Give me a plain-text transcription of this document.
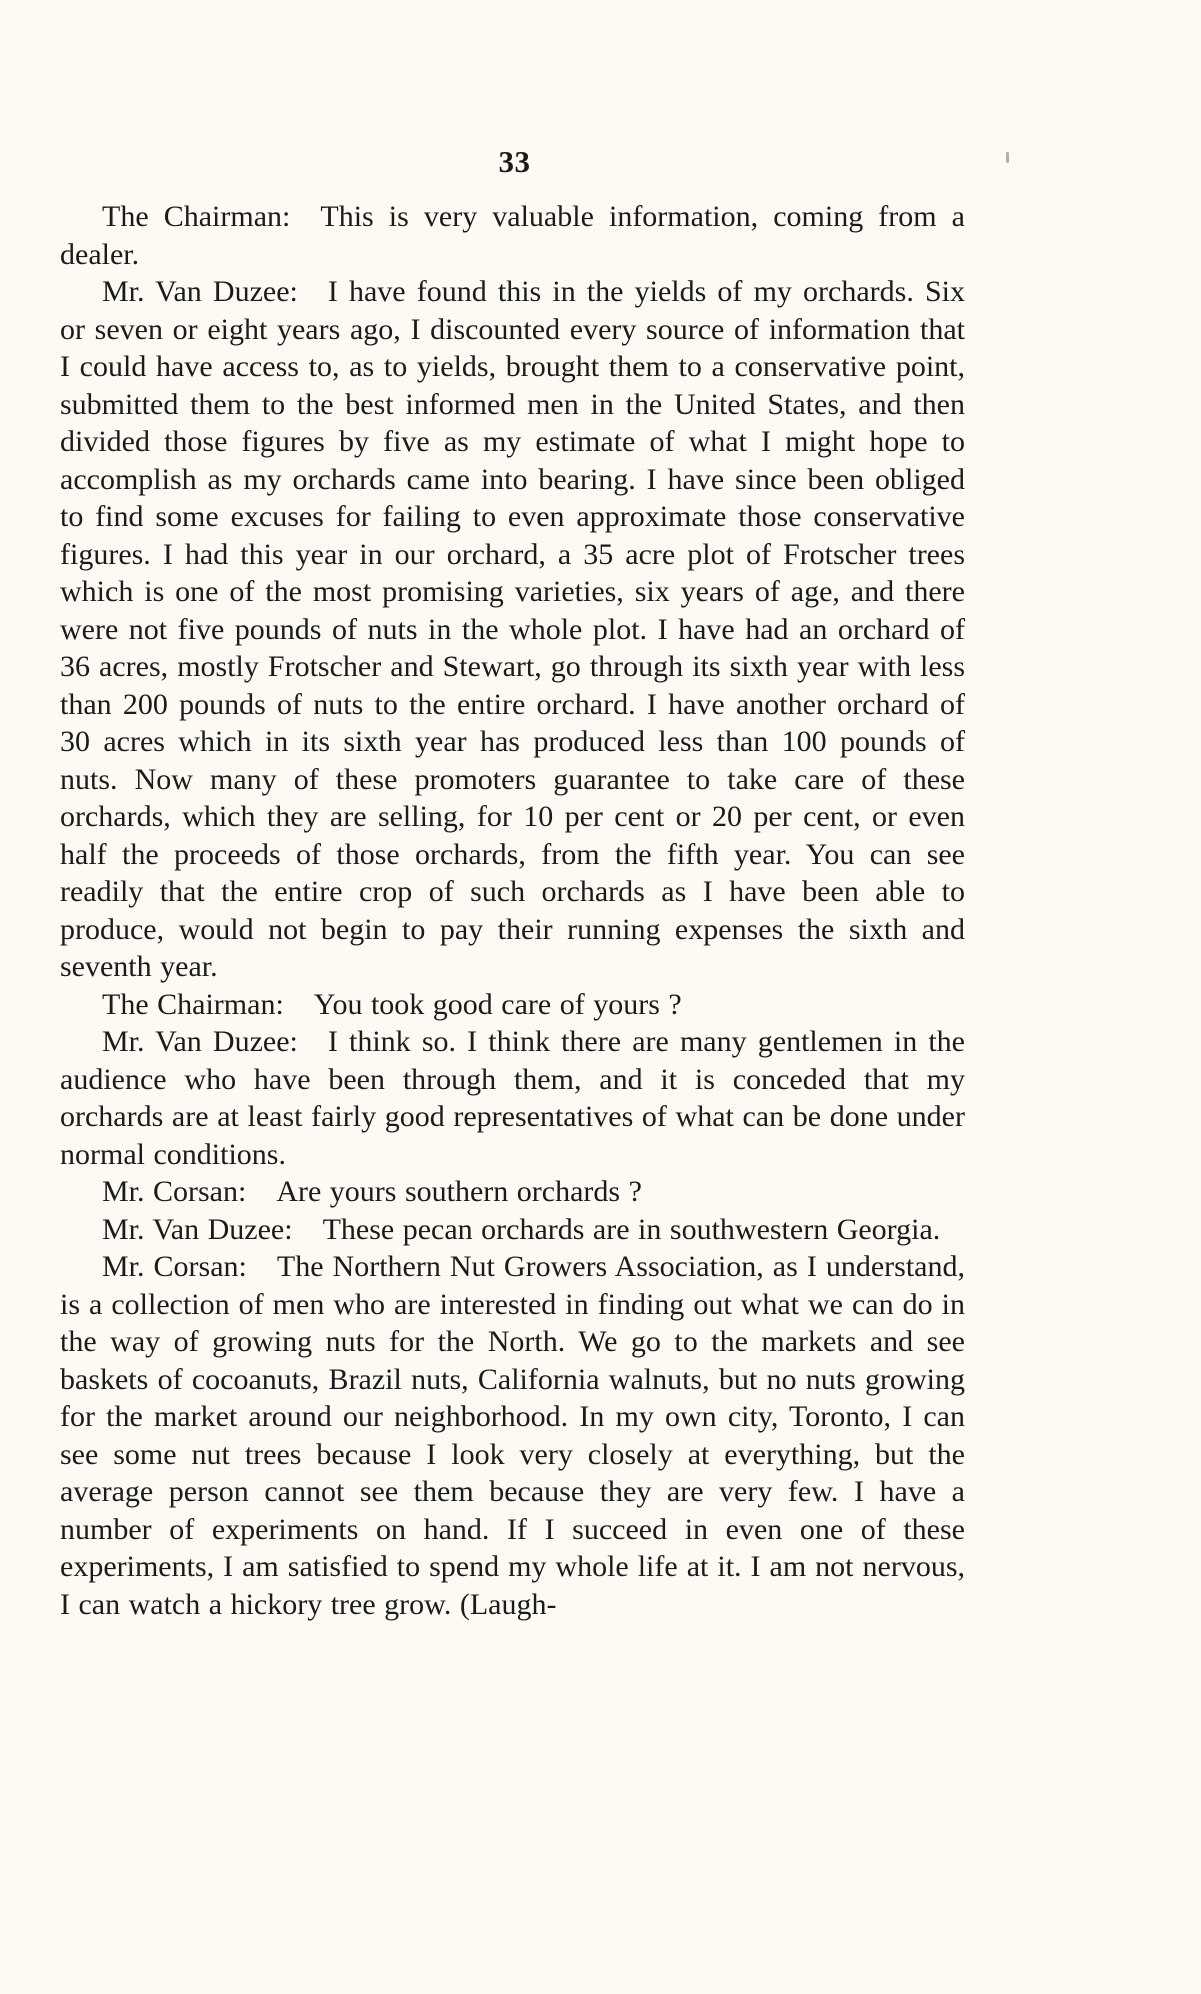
33

The Chairman: This is very valuable information, coming from a dealer.

Mr. Van Duzee: I have found this in the yields of my orchards. Six or seven or eight years ago, I discounted every source of information that I could have access to, as to yields, brought them to a conservative point, submitted them to the best informed men in the United States, and then divided those figures by five as my estimate of what I might hope to accomplish as my orchards came into bearing. I have since been obliged to find some excuses for failing to even approximate those conservative figures. I had this year in our orchard, a 35 acre plot of Frotscher trees which is one of the most promising varieties, six years of age, and there were not five pounds of nuts in the whole plot. I have had an orchard of 36 acres, mostly Frotscher and Stewart, go through its sixth year with less than 200 pounds of nuts to the entire orchard. I have another orchard of 30 acres which in its sixth year has produced less than 100 pounds of nuts. Now many of these promoters guarantee to take care of these orchards, which they are selling, for 10 per cent or 20 per cent, or even half the proceeds of those orchards, from the fifth year. You can see readily that the entire crop of such orchards as I have been able to produce, would not begin to pay their running expenses the sixth and seventh year.

The Chairman: You took good care of yours ?

Mr. Van Duzee: I think so. I think there are many gentlemen in the audience who have been through them, and it is conceded that my orchards are at least fairly good representatives of what can be done under normal conditions.

Mr. Corsan: Are yours southern orchards ?

Mr. Van Duzee: These pecan orchards are in southwestern Georgia.

Mr. Corsan: The Northern Nut Growers Association, as I understand, is a collection of men who are interested in finding out what we can do in the way of growing nuts for the North. We go to the markets and see baskets of cocoanuts, Brazil nuts, California walnuts, but no nuts growing for the market around our neighborhood. In my own city, Toronto, I can see some nut trees because I look very closely at everything, but the average person cannot see them because they are very few. I have a number of experiments on hand. If I succeed in even one of these experiments, I am satisfied to spend my whole life at it. I am not nervous, I can watch a hickory tree grow. (Laugh-
